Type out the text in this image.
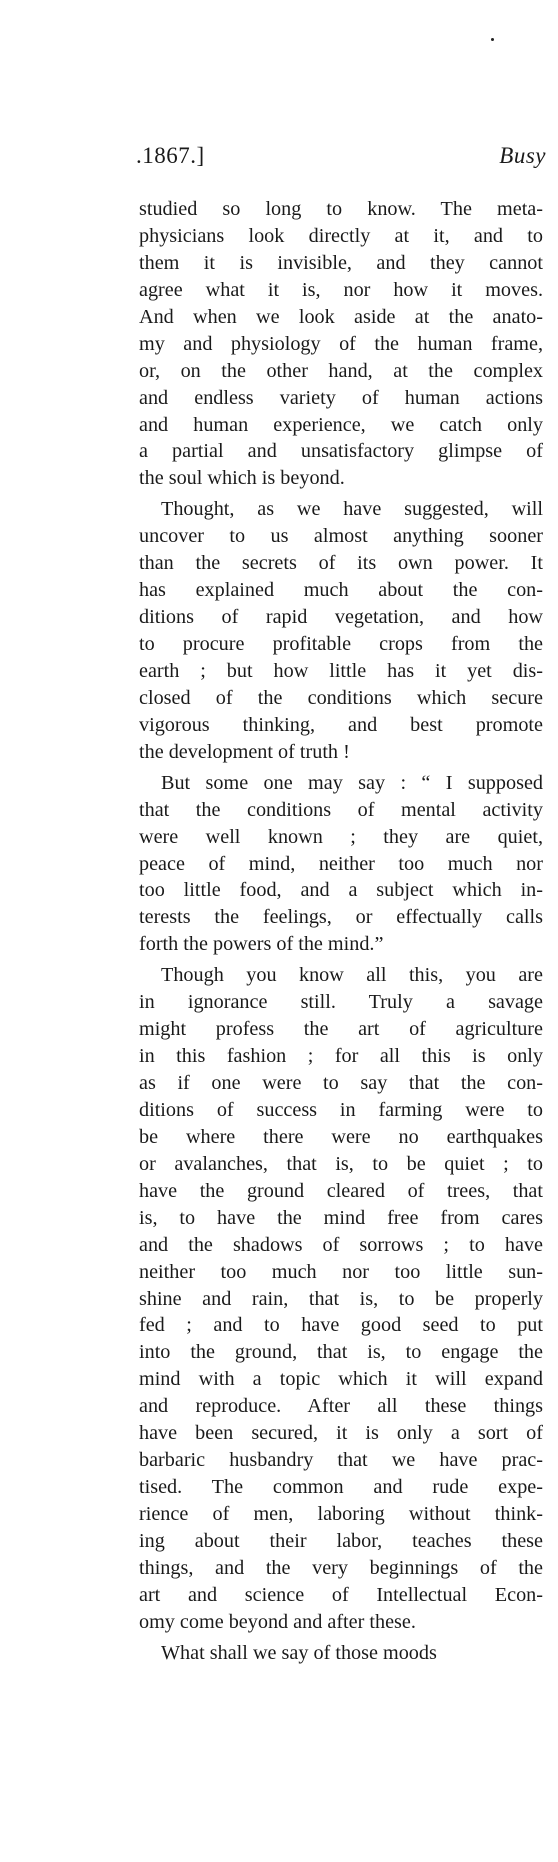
.1867.]	Busy
studied so long to know. The meta-
physicians look directly at it, and to
them it is invisible, and they cannot
agree what it is, nor how it moves.
And when we look aside at the anato-
my and physiology of the human frame,
or, on the other hand, at the complex
and endless variety of human actions
and human experience, we catch only
a partial and unsatisfactory glimpse of
the soul which is beyond.
Thought, as we have suggested, will
uncover to us almost anything sooner
than the secrets of its own power. It
has explained much about the con-
ditions of rapid vegetation, and how
to procure profitable crops from the
earth ; but how little has it yet dis-
closed of the conditions which secure
vigorous thinking, and best promote
the development of truth !
But some one may say : “ I supposed
that the conditions of mental activity
were well known ; they are quiet,
peace of mind, neither too much nor
too little food, and a subject which in-
terests the feelings, or effectually calls
forth the powers of the mind.”
Though you know all this, you are
in ignorance still. Truly a savage
might profess the art of agriculture
in this fashion ; for all this is only
as if one were to say that the con-
ditions of success in farming were to
be where there were no earthquakes
or avalanches, that is, to be quiet ; to
have the ground cleared of trees, that
is, to have the mind free from cares
and the shadows of sorrows ; to have
neither too much nor too little sun-
shine and rain, that is, to be properly
fed ; and to have good seed to put
into the ground, that is, to engage the
mind with a topic which it will expand
and reproduce. After all these things
have been secured, it is only a sort of
barbaric husbandry that we have prac-
tised. The common and rude expe-
rience of men, laboring without think-
ing about their labor, teaches these
things, and the very beginnings of the
art and science of Intellectual Econ-
omy come beyond and after these.
What shall we say of those moods
